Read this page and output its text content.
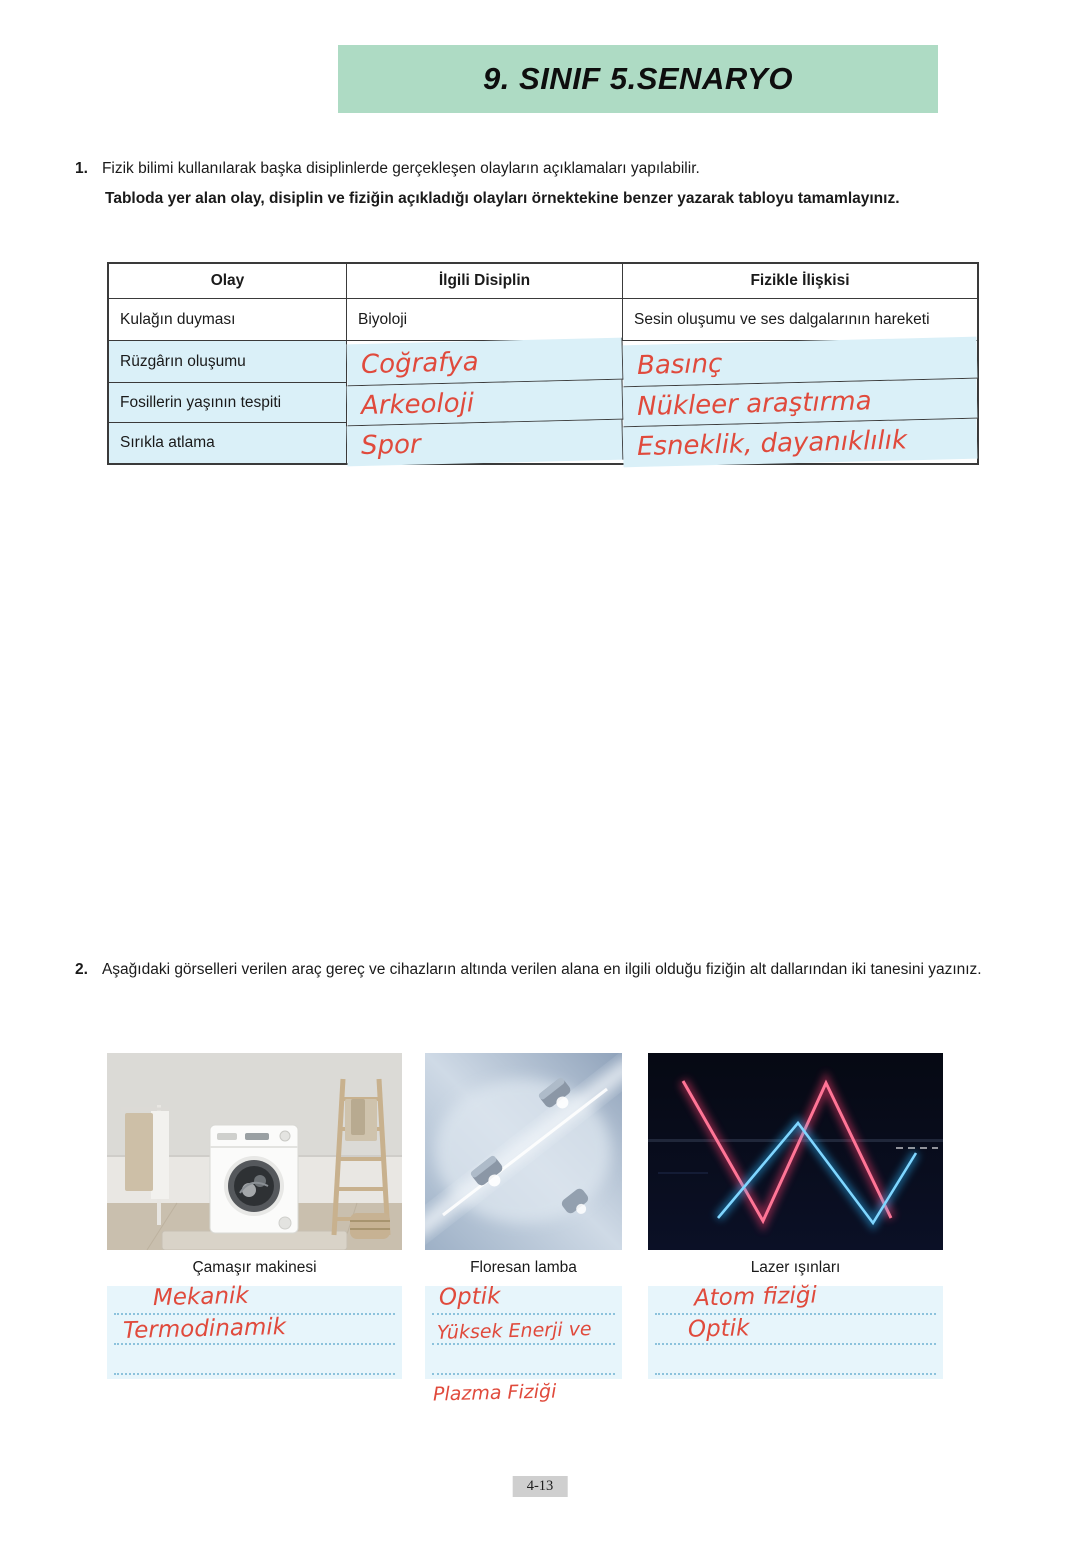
9. SINIF 5.SENARYO
1. Fizik bilimi kullanılarak başka disiplinlerde gerçekleşen olayların açıklamaları yapılabilir.
Tabloda yer alan olay, disiplin ve fiziğin açıkladığı olayları örnektekine benzer yazarak tabloyu tamamlayınız.
Olay	İlgili Disiplin	Fizikle İlişkisi
Kulağın duyması	Biyoloji	Sesin oluşumu ve ses dalgalarının hareketi
Rüzgârın oluşumu	Coğrafya	Basınç
Fosillerin yaşının tespiti	Arkeoloji	Nükleer araştırma
Sırıkla atlama	Spor	Esneklik, dayanıklılık
2. Aşağıdaki görselleri verilen araç gereç ve cihazların altında verilen alana en ilgili olduğu fiziğin alt dallarından iki tanesini yazınız.
Çamaşır makinesi	Floresan lamba	Lazer ışınları
Mekanik
Termodinamik
Optik
Yüksek Enerji ve
Plazma Fiziği
Atom fiziği
Optik
4-13
